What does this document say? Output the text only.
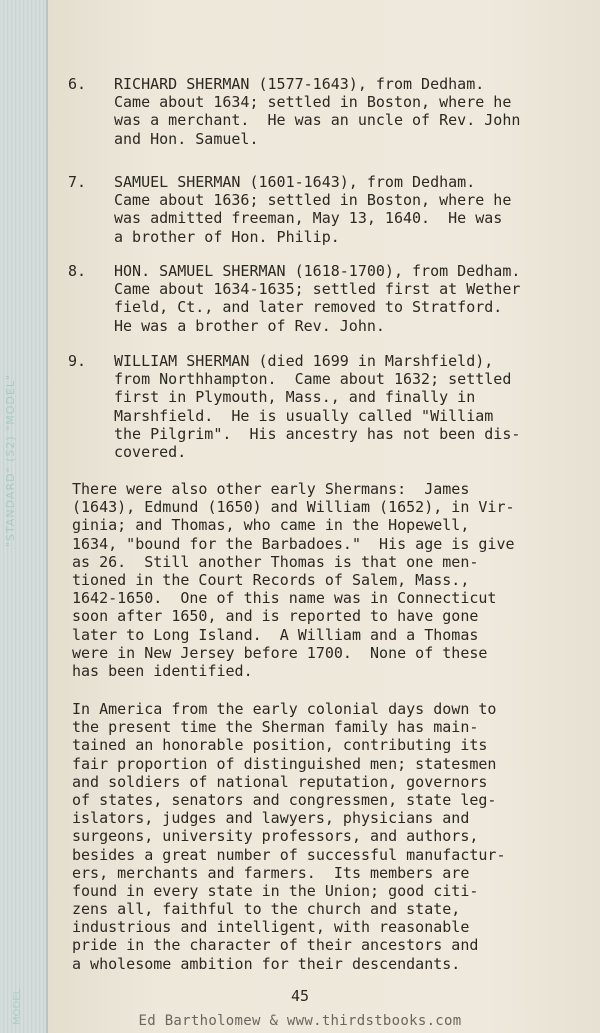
"STANDARD" (52) "MODEL"
MODEL
6.	RICHARD SHERMAN (1577-1643), from Dedham.
Came about 1634; settled in Boston, where he
was a merchant.  He was an uncle of Rev. John
and Hon. Samuel.
7.	SAMUEL SHERMAN (1601-1643), from Dedham.
Came about 1636; settled in Boston, where he
was admitted freeman, May 13, 1640.  He was
a brother of Hon. Philip.
8.	HON. SAMUEL SHERMAN (1618-1700), from Dedham.
Came about 1634-1635; settled first at Wether
field, Ct., and later removed to Stratford.
He was a brother of Rev. John.
9.	WILLIAM SHERMAN (died 1699 in Marshfield),
from Northhampton.  Came about 1632; settled
first in Plymouth, Mass., and finally in
Marshfield.  He is usually called "William
the Pilgrim".  His ancestry has not been dis-
covered.
There were also other early Shermans:  James
(1643), Edmund (1650) and William (1652), in Vir-
ginia; and Thomas, who came in the Hopewell,
1634, "bound for the Barbadoes."  His age is give
as 26.  Still another Thomas is that one men-
tioned in the Court Records of Salem, Mass.,
1642-1650.  One of this name was in Connecticut
soon after 1650, and is reported to have gone
later to Long Island.  A William and a Thomas
were in New Jersey before 1700.  None of these
has been identified.
In America from the early colonial days down to
the present time the Sherman family has main-
tained an honorable position, contributing its
fair proportion of distinguished men; statesmen
and soldiers of national reputation, governors
of states, senators and congressmen, state leg-
islators, judges and lawyers, physicians and
surgeons, university professors, and authors,
besides a great number of successful manufactur-
ers, merchants and farmers.  Its members are
found in every state in the Union; good citi-
zens all, faithful to the church and state,
industrious and intelligent, with reasonable
pride in the character of their ancestors and
a wholesome ambition for their descendants.
45
Ed Bartholomew & www.thirdstbooks.com
